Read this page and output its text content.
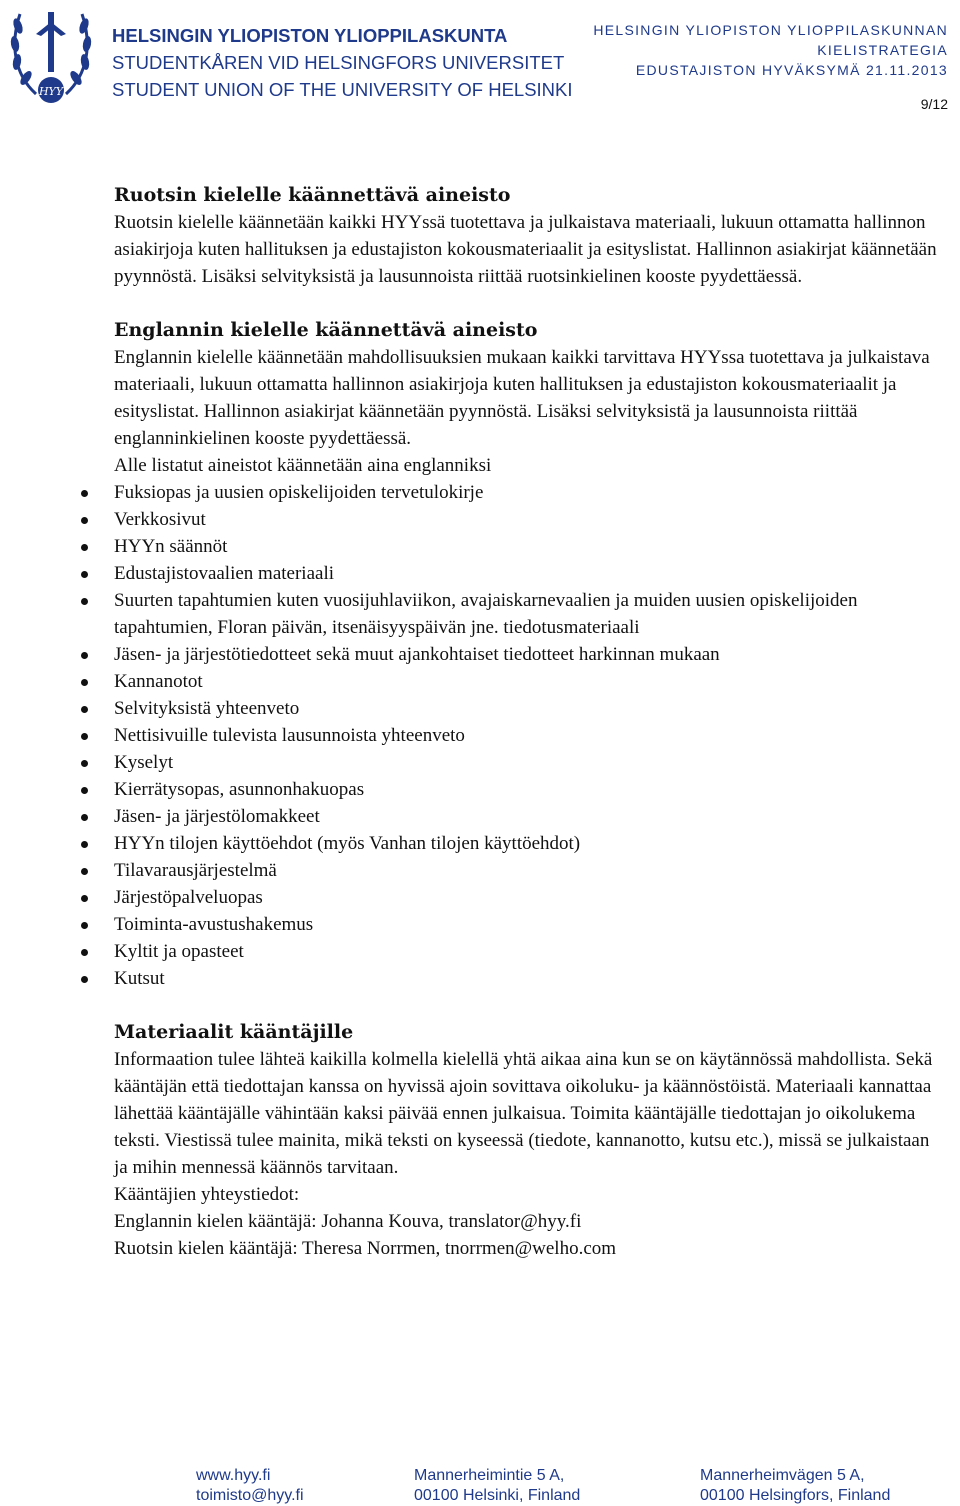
HYY
HELSINGIN YLIOPISTON YLIOPPILASKUNTA
STUDENTKÅREN VID HELSINGFORS UNIVERSITET
STUDENT UNION OF THE UNIVERSITY OF HELSINKI
HELSINGIN YLIOPISTON YLIOPPILASKUNNAN
KIELISTRATEGIA
EDUSTAJISTON HYVÄKSYMÄ 21.11.2013
9/12

Ruotsin kielelle käännettävä aineisto

Ruotsin kielelle käännetään kaikki HYYssä tuotettava ja julkaistava materiaali, lukuun ottamatta hallinnon asiakirjoja kuten hallituksen ja edustajiston kokousmateriaalit ja esityslistat. Hallinnon asiakirjat käännetään pyynnöstä. Lisäksi selvityksistä ja lausunnoista riittää ruotsinkielinen kooste pyydettäessä.

Englannin kielelle käännettävä aineisto

Englannin kielelle käännetään mahdollisuuksien mukaan kaikki tarvittava HYYssa tuotettava ja julkaistava materiaali, lukuun ottamatta hallinnon asiakirjoja kuten hallituksen ja edustajiston kokousmateriaalit ja esityslistat. Hallinnon asiakirjat käännetään pyynnöstä. Lisäksi selvityksistä ja lausunnoista riittää englanninkielinen kooste pyydettäessä.

Alle listatut aineistot käännetään aina englanniksi

Fuksiopas ja uusien opiskelijoiden tervetulokirje
Verkkosivut
HYYn säännöt
Edustajistovaalien materiaali
Suurten tapahtumien kuten vuosijuhlaviikon, avajaiskarnevaalien ja muiden uusien opiskelijoiden tapahtumien, Floran päivän, itsenäisyyspäivän jne. tiedotusmateriaali
Jäsen- ja järjestötiedotteet sekä muut ajankohtaiset tiedotteet harkinnan mukaan
Kannanotot
Selvityksistä yhteenveto
Nettisivuille tulevista lausunnoista yhteenveto
Kyselyt
Kierrätysopas, asunnonhakuopas
Jäsen- ja järjestölomakkeet
HYYn tilojen käyttöehdot (myös Vanhan tilojen käyttöehdot)
Tilavarausjärjestelmä
Järjestöpalveluopas
Toiminta-avustushakemus
Kyltit ja opasteet
Kutsut

Materiaalit kääntäjille

Informaation tulee lähteä kaikilla kolmella kielellä yhtä aikaa aina kun se on käytännössä mahdollista. Sekä kääntäjän että tiedottajan kanssa on hyvissä ajoin sovittava oikoluku- ja käännöstöistä. Materiaali kannattaa lähettää kääntäjälle vähintään kaksi päivää ennen julkaisua. Toimita kääntäjälle tiedottajan jo oikolukema teksti. Viestissä tulee mainita, mikä teksti on kyseessä (tiedote, kannanotto, kutsu etc.), missä se julkaistaan ja mihin mennessä käännös tarvitaan.

Kääntäjien yhteystiedot:

Englannin kielen kääntäjä: Johanna Kouva, translator@hyy.fi

Ruotsin kielen kääntäjä: Theresa Norrmen, tnorrmen@welho.com

www.hyy.fi
toimisto@hyy.fi
Mannerheimintie 5 A,
00100 Helsinki, Finland
Mannerheimvägen 5 A,
00100 Helsingfors, Finland
